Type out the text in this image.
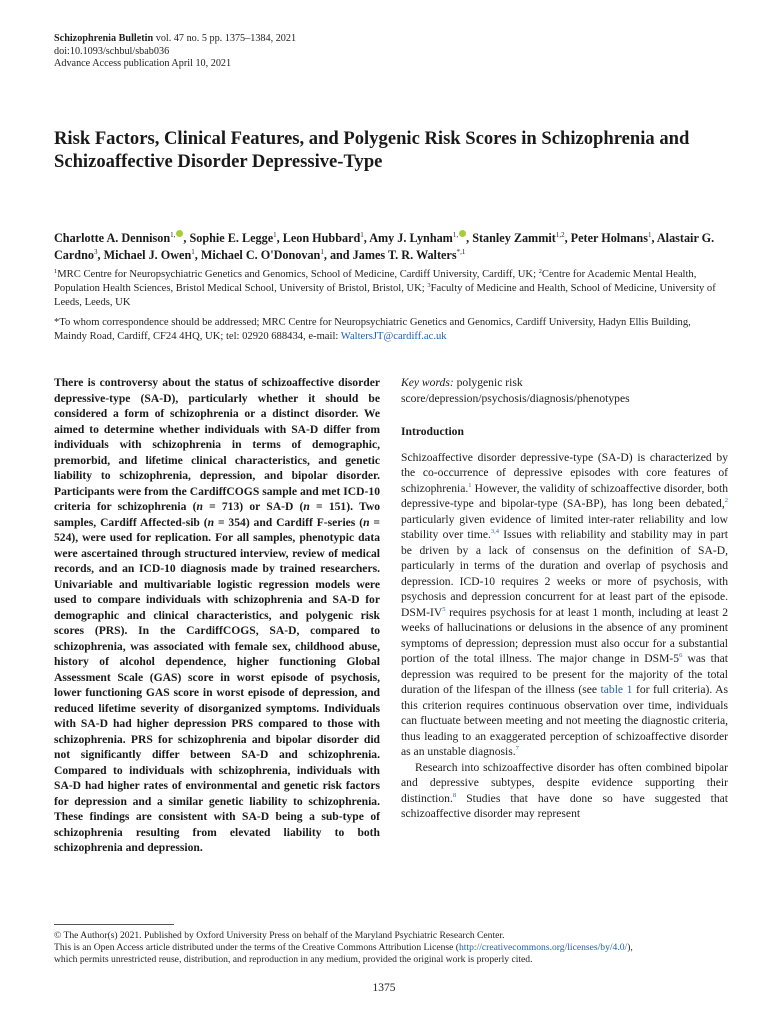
Schizophrenia Bulletin vol. 47 no. 5 pp. 1375–1384, 2021
doi:10.1093/schbul/sbab036
Advance Access publication April 10, 2021
Risk Factors, Clinical Features, and Polygenic Risk Scores in Schizophrenia and Schizoaffective Disorder Depressive-Type
Charlotte A. Dennison$^{1,}$ , Sophie E. Legge$^1$, Leon Hubbard$^1$, Amy J. Lynham$^{1,}$ , Stanley Zammit$^{1,2}$, Peter Holmans$^1$, Alastair G. Cardno$^3$, Michael J. Owen$^1$, Michael C. O'Donovan$^1$, and James T. R. Walters$^{*,1}$
$^1$MRC Centre for Neuropsychiatric Genetics and Genomics, School of Medicine, Cardiff University, Cardiff, UK; $^2$Centre for Academic Mental Health, Population Health Sciences, Bristol Medical School, University of Bristol, Bristol, UK; $^3$Faculty of Medicine and Health, School of Medicine, University of Leeds, Leeds, UK
*To whom correspondence should be addressed; MRC Centre for Neuropsychiatric Genetics and Genomics, Cardiff University, Hadyn Ellis Building, Maindy Road, Cardiff, CF24 4HQ, UK; tel: 02920 688434, e-mail: WaltersJT@cardiff.ac.uk
There is controversy about the status of schizoaffective disorder depressive-type (SA-D), particularly whether it should be considered a form of schizophrenia or a distinct disorder. We aimed to determine whether individuals with SA-D differ from individuals with schizophrenia in terms of demographic, premorbid, and lifetime clinical characteristics, and genetic liability to schizophrenia, depression, and bipolar disorder. Participants were from the CardiffCOGS sample and met ICD-10 criteria for schizophrenia (n = 713) or SA-D (n = 151). Two samples, Cardiff Affected-sib (n = 354) and Cardiff F-series (n = 524), were used for replication. For all samples, phenotypic data were ascertained through structured interview, review of medical records, and an ICD-10 diagnosis made by trained researchers. Univariable and multivariable logistic regression models were used to compare individuals with schizophrenia and SA-D for demographic and clinical characteristics, and polygenic risk scores (PRS). In the CardiffCOGS, SA-D, compared to schizophrenia, was associated with female sex, childhood abuse, history of alcohol dependence, higher functioning Global Assessment Scale (GAS) score in worst episode of psychosis, lower functioning GAS score in worst episode of depression, and reduced lifetime severity of disorganized symptoms. Individuals with SA-D had higher depression PRS compared to those with schizophrenia. PRS for schizophrenia and bipolar disorder did not significantly differ between SA-D and schizophrenia. Compared to individuals with schizophrenia, individuals with SA-D had higher rates of environmental and genetic risk factors for depression and a similar genetic liability to schizophrenia. These findings are consistent with SA-D being a sub-type of schizophrenia resulting from elevated liability to both schizophrenia and depression.

Key words: polygenic risk score/depression/psychosis/diagnosis/phenotypes

Introduction

Schizoaffective disorder depressive-type (SA-D) is characterized by the co-occurrence of depressive episodes with core features of schizophrenia.$^1$ However, the validity of schizoaffective disorder, both depressive-type and bipolar-type (SA-BP), has long been debated,$^2$ particularly given evidence of limited inter-rater reliability and low stability over time.$^{3,4}$ Issues with reliability and stability may in part be driven by a lack of consensus on the definition of SA-D, particularly in terms of the duration and overlap of psychosis and depression. ICD-10 requires 2 weeks or more of psychosis, with psychosis and depression concurrent for at least part of the episode. DSM-$IV^5$ requires psychosis for at least 1 month, including at least 2 weeks of hallucinations or delusions in the absence of any prominent symptoms of depression; depression must also occur for a substantial portion of the total illness. The major change in DSM-$5^6$ was that depression was required to be present for the majority of the total duration of the lifespan of the illness (see table 1 for full criteria). As this criterion requires continuous observation over time, individuals can fluctuate between meeting and not meeting the diagnostic criteria, thus leading to an exaggerated perception of schizoaffective disorder as an unstable diagnosis.$^7$

Research into schizoaffective disorder has often combined bipolar and depressive subtypes, despite evidence supporting their distinction.$^8$ Studies that have done so have suggested that schizoaffective disorder may represent

© The Author(s) 2021. Published by Oxford University Press on behalf of the Maryland Psychiatric Research Center.
This is an Open Access article distributed under the terms of the Creative Commons Attribution License (http://creativecommons.org/licenses/by/4.0/),
which permits unrestricted reuse, distribution, and reproduction in any medium, provided the original work is properly cited.
1375
